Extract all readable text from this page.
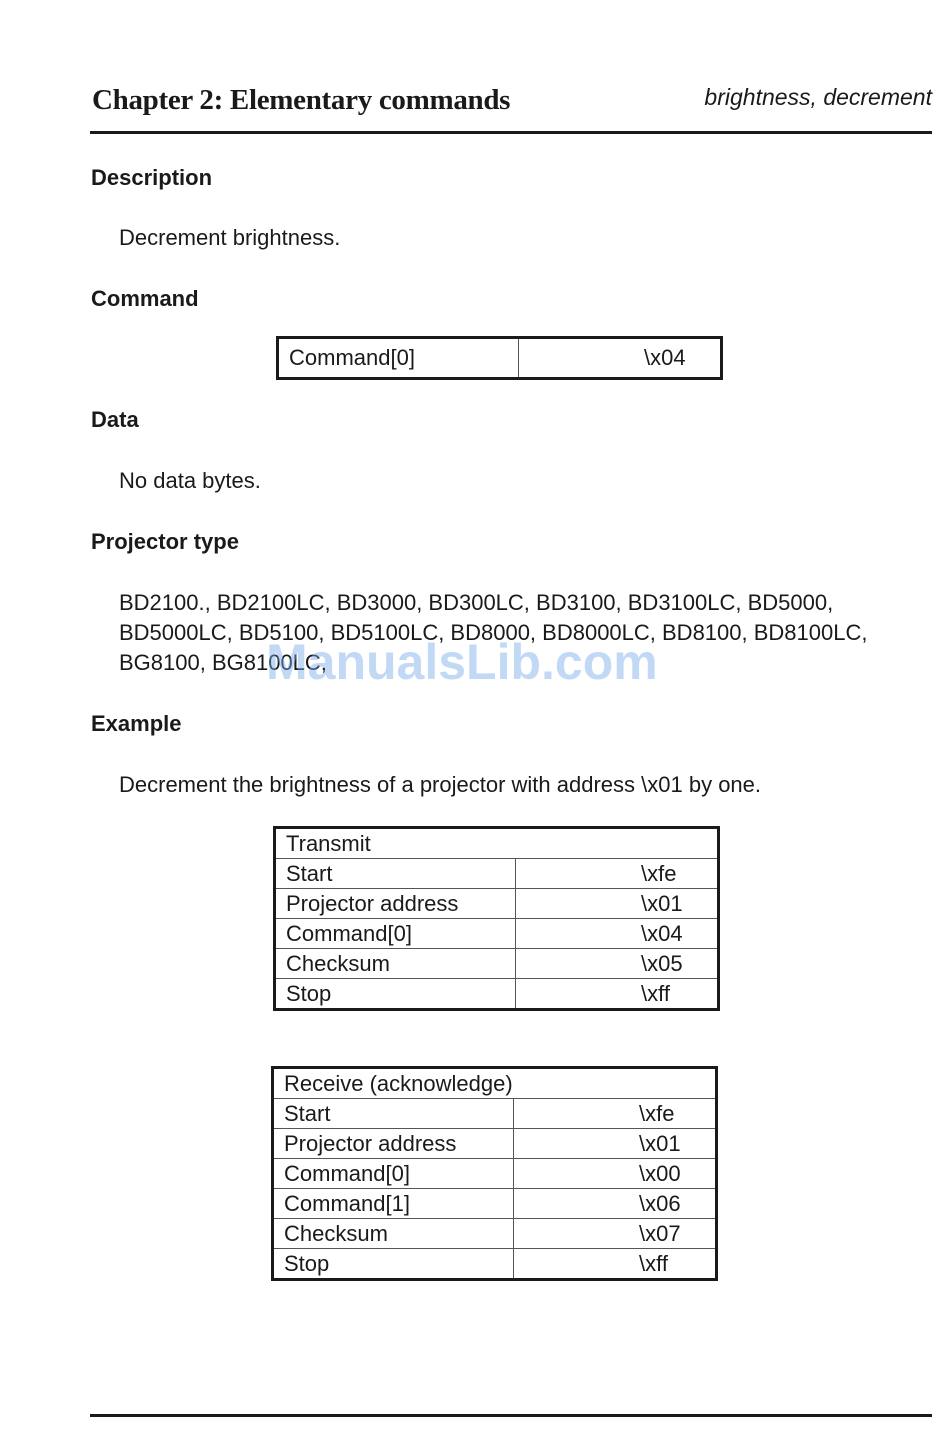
Chapter 2: Elementary commands	brightness, decrement
Description
Decrement brightness.
Command
Command[0]	\x04
Data
No data bytes.
Projector type
BD2100., BD2100LC, BD3000, BD300LC, BD3100, BD3100LC, BD5000,
BD5000LC, BD5100, BD5100LC, BD8000, BD8000LC, BD8100, BD8100LC,
BG8100, BG8100LC,
ManualsLib.com
Example
Decrement the brightness of a projector with address \x01 by one.
Transmit	
Start	\xfe
Projector address	\x01
Command[0]	\x04
Checksum	\x05
Stop	\xff
Receive (acknowledge)	
Start	\xfe
Projector address	\x01
Command[0]	\x00
Command[1]	\x06
Checksum	\x07
Stop	\xff
